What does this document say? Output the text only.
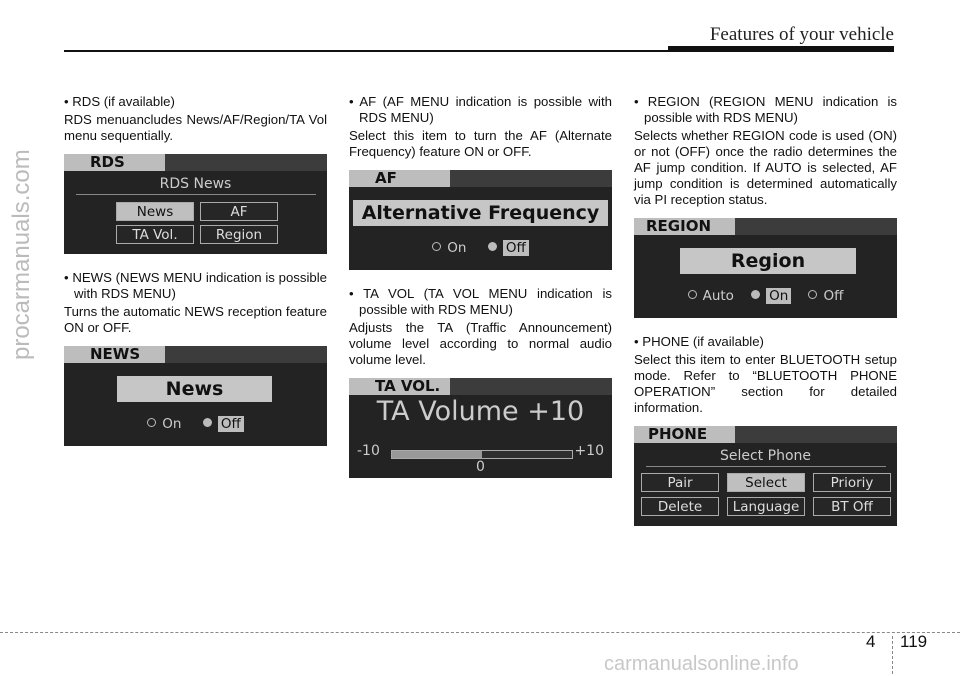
Features of your vehicle
procarmanuals.com

• RDS (if available)

RDS menuancludes News/AF/Region/TA Vol menu sequentially.

RDS
RDS News
News	AF
TA Vol.	Region

• NEWS (NEWS MENU indication is possible with RDS MENU)

Turns the automatic NEWS reception feature ON or OFF.

NEWS
News
On	Off

• AF (AF MENU indication is possible with RDS MENU)

Select this item to turn the AF (Alternate Frequency) feature ON or OFF.

AF
Alternative Frequency
On	Off

• TA VOL (TA VOL MENU indication is possible with RDS MENU)

Adjusts the TA (Traffic Announcement) volume level according to normal audio volume level.

TA VOL.
TA Volume +10
-10	+10
0

• REGION (REGION MENU indication is possible with RDS MENU)

Selects whether REGION code is used (ON) or not (OFF) once the radio determines the AF jump condition. If AUTO is selected, AF jump condition is determined automatically via PI reception status.

REGION
Region
Auto	On	Off

• PHONE (if available)

Select this item to enter BLUETOOTH setup mode. Refer to “BLUETOOTH PHONE OPERATION” section for detailed information.

PHONE
Select Phone
Pair	Select	Prioriy
Delete	Language	BT Off
4 119
carmanualsonline.info
